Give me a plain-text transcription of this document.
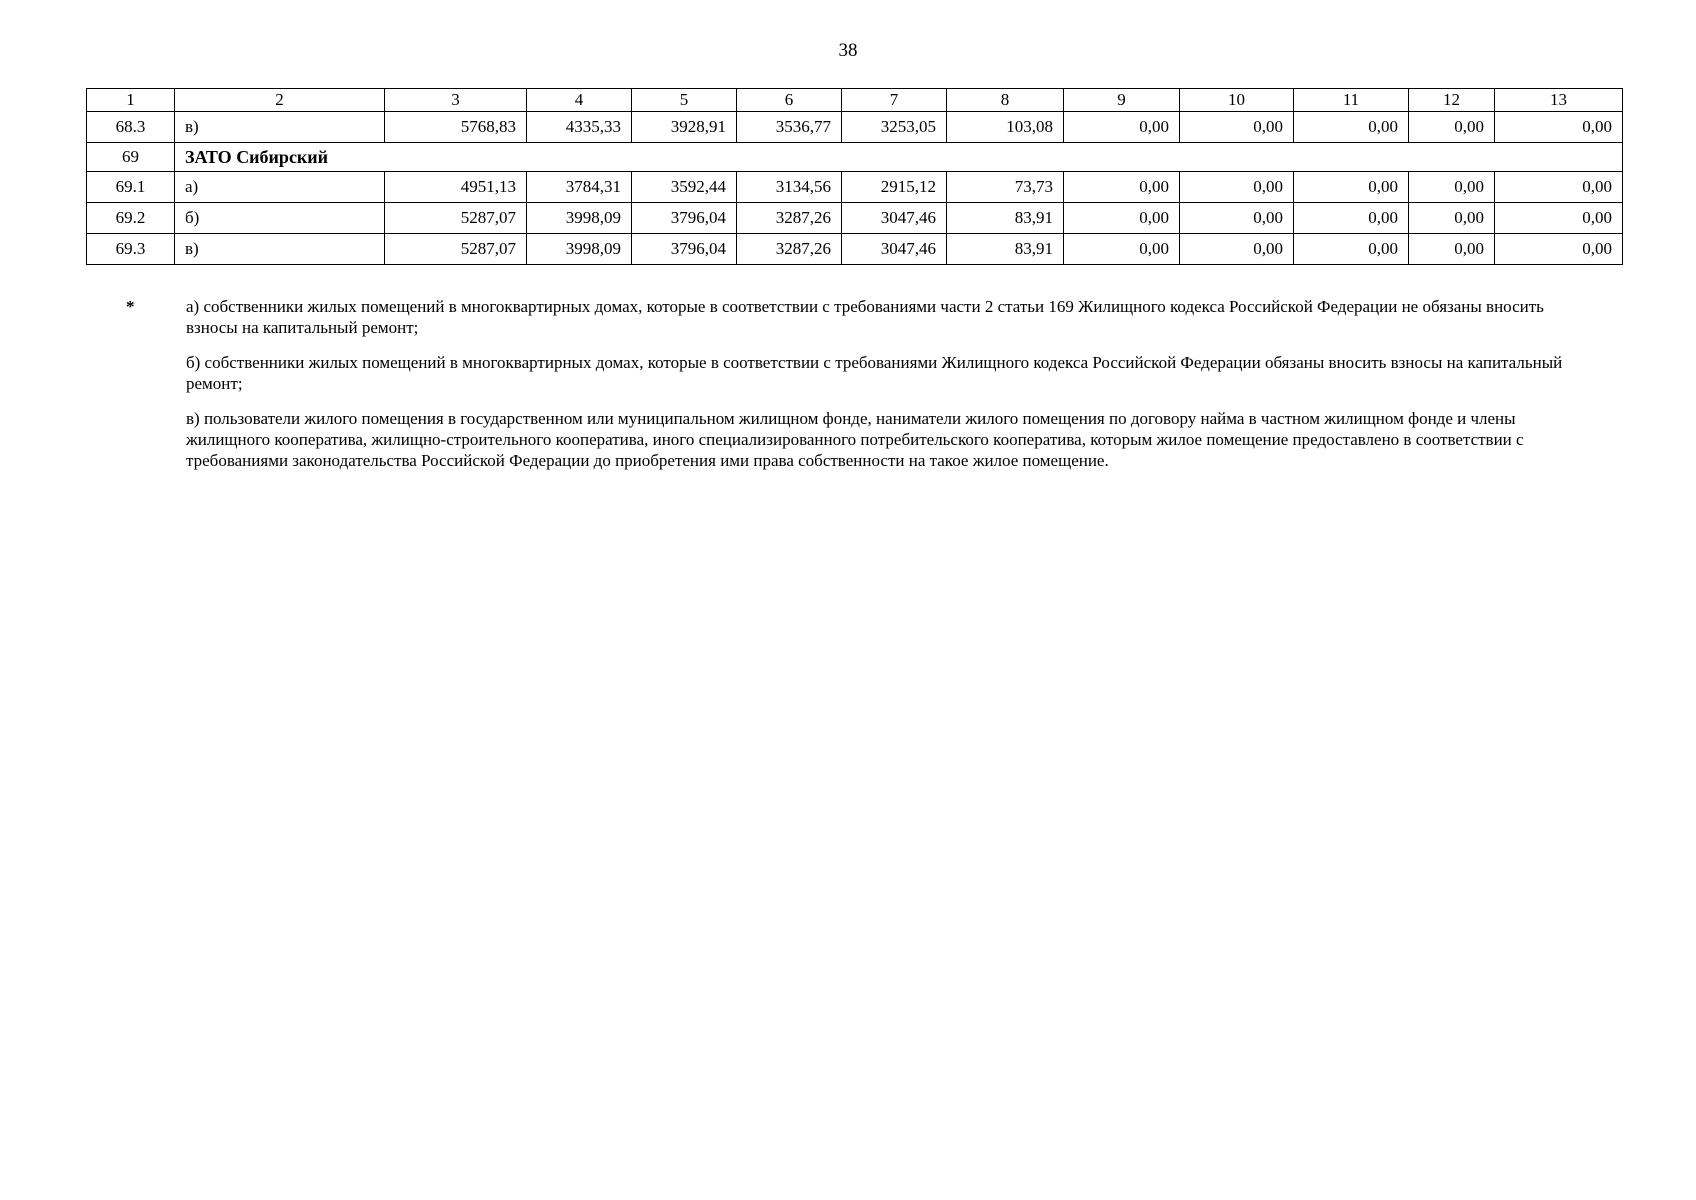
38
1	2	3	4	5	6	7	8	9	10	11	12	13
68.3	в)	5768,83	4335,33	3928,91	3536,77	3253,05	103,08	0,00	0,00	0,00	0,00	0,00
69	ЗАТО Сибирский											
69.1	а)	4951,13	3784,31	3592,44	3134,56	2915,12	73,73	0,00	0,00	0,00	0,00	0,00
69.2	б)	5287,07	3998,09	3796,04	3287,26	3047,46	83,91	0,00	0,00	0,00	0,00	0,00
69.3	в)	5287,07	3998,09	3796,04	3287,26	3047,46	83,91	0,00	0,00	0,00	0,00	0,00
*	а) собственники жилых помещений в многоквартирных домах, которые в соответствии с требованиями части 2 статьи 169 Жилищного кодекса Российской Федерации не обязаны вносить взносы на капитальный ремонт;
б) собственники жилых помещений в многоквартирных домах, которые в соответствии с требованиями Жилищного кодекса Российской Федерации обязаны вносить взносы на капитальный ремонт;
в) пользователи жилого помещения в государственном или муниципальном жилищном фонде, наниматели жилого помещения по договору найма в частном жилищном фонде и члены жилищного кооператива, жилищно-строительного кооператива, иного специализированного потребительского кооператива, которым жилое помещение предоставлено в соответствии с требованиями законодательства Российской Федерации до приобретения ими права собственности на такое жилое помещение.
